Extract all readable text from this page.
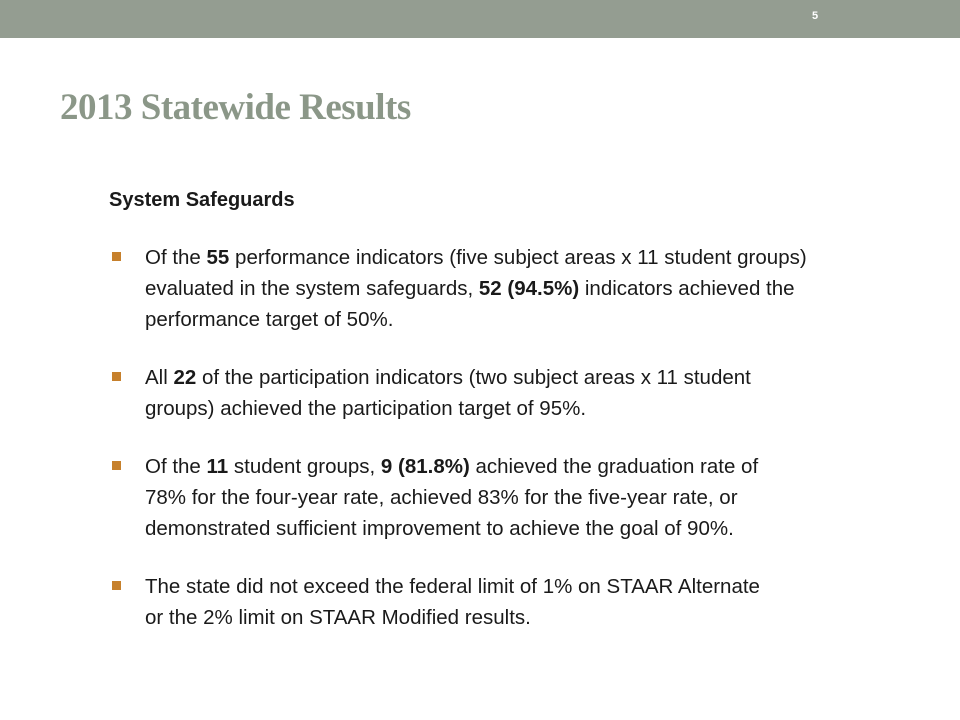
5
2013 Statewide Results
System Safeguards
Of the 55 performance indicators (five subject areas x 11 student groups)
evaluated in the system safeguards, 52 (94.5%) indicators achieved the
performance target of 50%.
All 22 of the participation indicators (two subject areas x 11 student
groups) achieved the participation target of 95%.
Of the 11 student groups, 9 (81.8%) achieved the graduation rate of
78% for the four-year rate, achieved 83% for the five-year rate, or
demonstrated sufficient improvement to achieve the goal of 90%.
The state did not exceed the federal limit of 1% on STAAR Alternate
or the 2% limit on STAAR Modified results.
